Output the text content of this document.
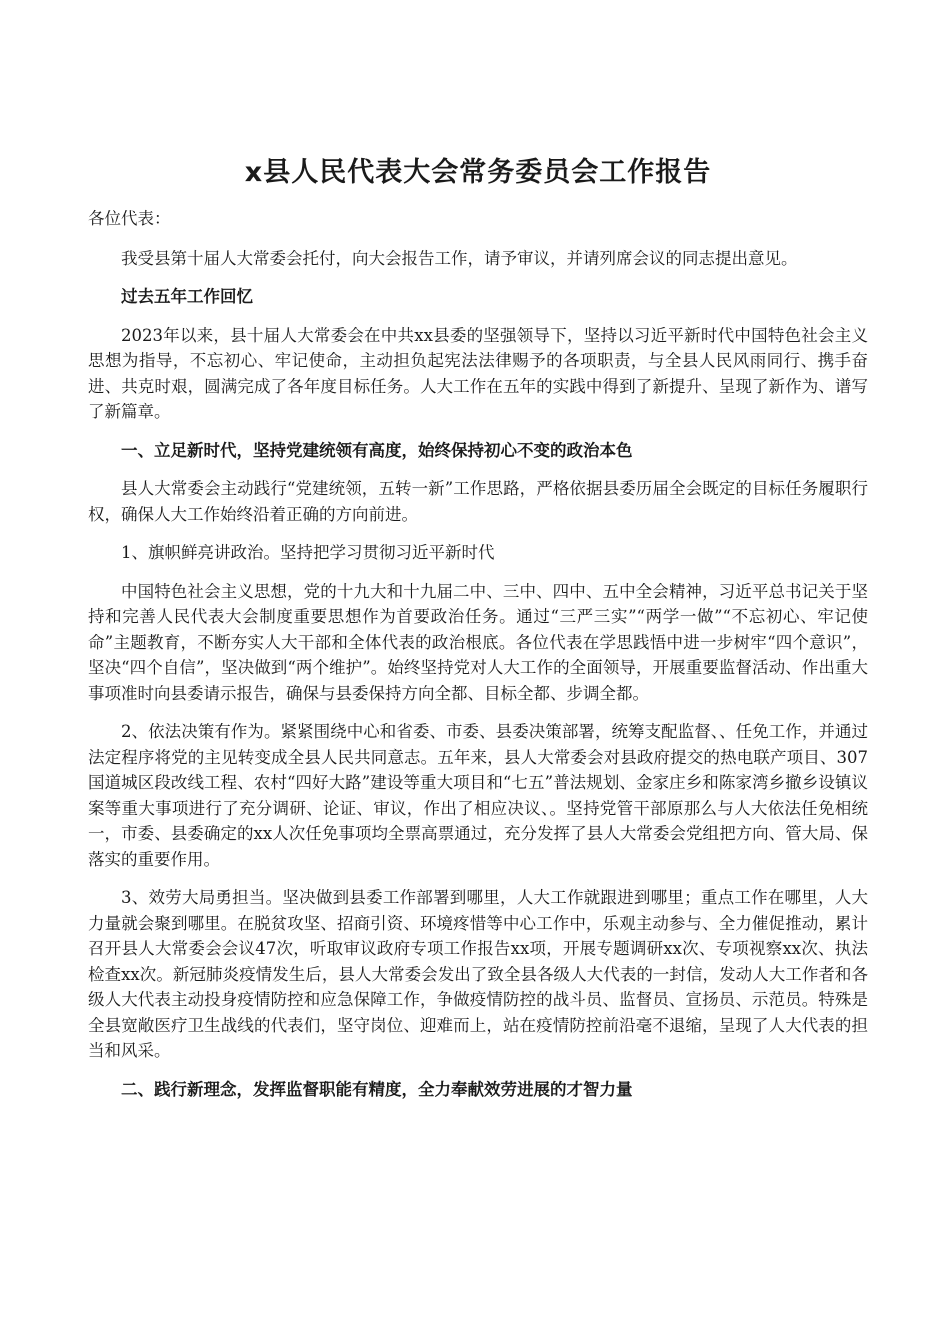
x县人民代表大会常务委员会工作报告

各位代表：

我受县第十届人大常委会托付，向大会报告工作，请予审议，并请列席会议的同志提出意见。

过去五年工作回忆

2023年以来，县十届人大常委会在中共xx县委的坚强领导下，坚持以习近平新时代中国特色社会主义思想为指导，不忘初心、牢记使命，主动担负起宪法法律赐予的各项职责，与全县人民风雨同行、携手奋进、共克时艰，圆满完成了各年度目标任务。人大工作在五年的实践中得到了新提升、呈现了新作为、谱写了新篇章。

一、立足新时代，坚持党建统领有高度，始终保持初心不变的政治本色

县人大常委会主动践行“党建统领，五转一新”工作思路，严格依据县委历届全会既定的目标任务履职行权，确保人大工作始终沿着正确的方向前进。

1、旗帜鲜亮讲政治。坚持把学习贯彻习近平新时代

中国特色社会主义思想，党的十九大和十九届二中、三中、四中、五中全会精神，习近平总书记关于坚持和完善人民代表大会制度重要思想作为首要政治任务。通过“三严三实”“两学一做”“不忘初心、牢记使命”主题教育，不断夯实人大干部和全体代表的政治根底。各位代表在学思践悟中进一步树牢“四个意识”，坚决“四个自信”，坚决做到“两个维护”。始终坚持党对人大工作的全面领导，开展重要监督活动、作出重大事项准时向县委请示报告，确保与县委保持方向全都、目标全都、步调全都。

2、依法决策有作为。紧紧围绕中心和省委、市委、县委决策部署，统筹支配监督、、任免工作，并通过法定程序将党的主见转变成全县人民共同意志。五年来，县人大常委会对县政府提交的热电联产项目、307国道城区段改线工程、农村“四好大路”建设等重大项目和“七五”普法规划、金家庄乡和陈家湾乡撤乡设镇议案等重大事项进行了充分调研、论证、审议，作出了相应决议、。坚持党管干部原那么与人大依法任免相统一，市委、县委确定的xx人次任免事项均全票高票通过，充分发挥了县人大常委会党组把方向、管大局、保落实的重要作用。

3、效劳大局勇担当。坚决做到县委工作部署到哪里，人大工作就跟进到哪里；重点工作在哪里，人大力量就会聚到哪里。在脱贫攻坚、招商引资、环境疼惜等中心工作中，乐观主动参与、全力催促推动，累计召开县人大常委会会议47次，听取审议政府专项工作报告xx项，开展专题调研xx次、专项视察xx次、执法检查xx次。新冠肺炎疫情发生后，县人大常委会发出了致全县各级人大代表的一封信，发动人大工作者和各级人大代表主动投身疫情防控和应急保障工作，争做疫情防控的战斗员、监督员、宣扬员、示范员。特殊是全县宽敞医疗卫生战线的代表们，坚守岗位、迎难而上，站在疫情防控前沿毫不退缩，呈现了人大代表的担当和风采。

二、践行新理念，发挥监督职能有精度，全力奉献效劳进展的才智力量
